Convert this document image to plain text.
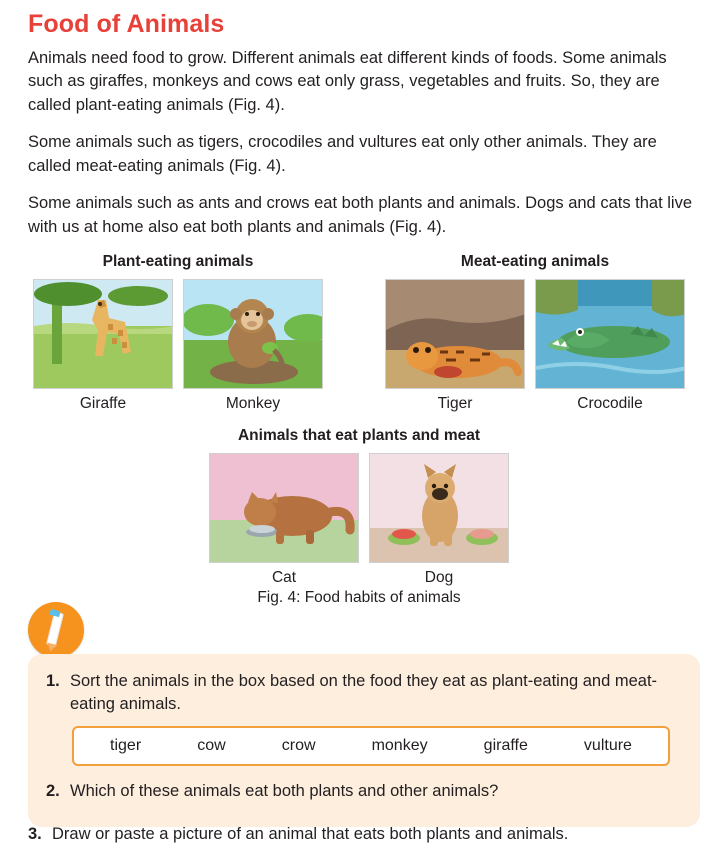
Food of Animals

Animals need food to grow. Different animals eat different kinds of foods. Some animals such as giraffes, monkeys and cows eat only grass, vegetables and fruits. So, they are called plant-eating animals (Fig. 4).

Some animals such as tigers, crocodiles and vultures eat only other animals. They are called meat-eating animals (Fig. 4).

Some animals such as ants and crows eat both plants and animals. Dogs and cats that live with us at home also eat both plants and animals (Fig. 4).

Plant-eating animals
Giraffe	Monkey
Meat-eating animals
Tiger	Crocodile
Animals that eat plants and meat
Cat	Dog
Fig. 4: Food habits of animals
ACTION
1. Sort the animals in the box based on the food they eat as plant-eating and meat-eating animals.
tiger	cow	crow	monkey	giraffe	vulture
2. Which of these animals eat both plants and other animals?
3. Draw or paste a picture of an animal that eats both plants and animals.
